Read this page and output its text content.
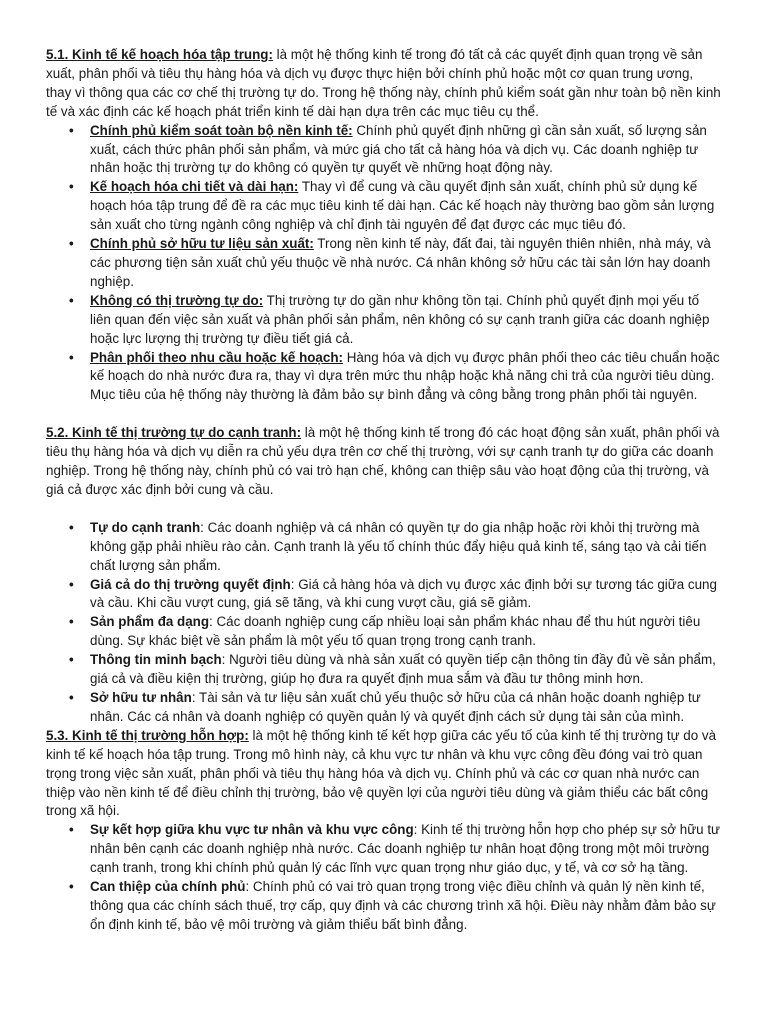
5.1. Kinh tế kế hoạch hóa tập trung: là một hệ thống kinh tế trong đó tất cả các quyết định quan trọng về sản xuất, phân phối và tiêu thụ hàng hóa và dịch vụ được thực hiện bởi chính phủ hoặc một cơ quan trung ương, thay vì thông qua các cơ chế thị trường tự do. Trong hệ thống này, chính phủ kiểm soát gần như toàn bộ nền kinh tế và xác định các kế hoạch phát triển kinh tế dài hạn dựa trên các mục tiêu cụ thể.

• Chính phủ kiểm soát toàn bộ nền kinh tế: Chính phủ quyết định những gì cần sản xuất, số lượng sản xuất, cách thức phân phối sản phẩm, và mức giá cho tất cả hàng hóa và dịch vụ. Các doanh nghiệp tư nhân hoặc thị trường tự do không có quyền tự quyết về những hoạt động này.
• Kế hoạch hóa chi tiết và dài hạn: Thay vì để cung và cầu quyết định sản xuất, chính phủ sử dụng kế hoạch hóa tập trung để đề ra các mục tiêu kinh tế dài hạn. Các kế hoạch này thường bao gồm sản lượng sản xuất cho từng ngành công nghiệp và chỉ định tài nguyên để đạt được các mục tiêu đó.
• Chính phủ sở hữu tư liệu sản xuất: Trong nền kinh tế này, đất đai, tài nguyên thiên nhiên, nhà máy, và các phương tiện sản xuất chủ yếu thuộc về nhà nước. Cá nhân không sở hữu các tài sản lớn hay doanh nghiệp.
• Không có thị trường tự do: Thị trường tự do gần như không tồn tại. Chính phủ quyết định mọi yếu tố liên quan đến việc sản xuất và phân phối sản phẩm, nên không có sự cạnh tranh giữa các doanh nghiệp hoặc lực lượng thị trường tự điều tiết giá cả.
• Phân phối theo nhu cầu hoặc kế hoạch: Hàng hóa và dịch vụ được phân phối theo các tiêu chuẩn hoặc kế hoạch do nhà nước đưa ra, thay vì dựa trên mức thu nhập hoặc khả năng chi trả của người tiêu dùng. Mục tiêu của hệ thống này thường là đảm bảo sự bình đẳng và công bằng trong phân phối tài nguyên.

5.2. Kinh tế thị trường tự do cạnh tranh: là một hệ thống kinh tế trong đó các hoạt động sản xuất, phân phối và tiêu thụ hàng hóa và dịch vụ diễn ra chủ yếu dựa trên cơ chế thị trường, với sự cạnh tranh tự do giữa các doanh nghiệp. Trong hệ thống này, chính phủ có vai trò hạn chế, không can thiệp sâu vào hoạt động của thị trường, và giá cả được xác định bởi cung và cầu.

• Tự do cạnh tranh: Các doanh nghiệp và cá nhân có quyền tự do gia nhập hoặc rời khỏi thị trường mà không gặp phải nhiều rào cản. Cạnh tranh là yếu tố chính thúc đẩy hiệu quả kinh tế, sáng tạo và cải tiến chất lượng sản phẩm.
• Giá cả do thị trường quyết định: Giá cả hàng hóa và dịch vụ được xác định bởi sự tương tác giữa cung và cầu. Khi cầu vượt cung, giá sẽ tăng, và khi cung vượt cầu, giá sẽ giảm.
• Sản phẩm đa dạng: Các doanh nghiệp cung cấp nhiều loại sản phẩm khác nhau để thu hút người tiêu dùng. Sự khác biệt về sản phẩm là một yếu tố quan trọng trong cạnh tranh.
• Thông tin minh bạch: Người tiêu dùng và nhà sản xuất có quyền tiếp cận thông tin đầy đủ về sản phẩm, giá cả và điều kiện thị trường, giúp họ đưa ra quyết định mua sắm và đầu tư thông minh hơn.
• Sở hữu tư nhân: Tài sản và tư liệu sản xuất chủ yếu thuộc sở hữu của cá nhân hoặc doanh nghiệp tư nhân. Các cá nhân và doanh nghiệp có quyền quản lý và quyết định cách sử dụng tài sản của mình.

5.3. Kinh tế thị trường hỗn hợp: là một hệ thống kinh tế kết hợp giữa các yếu tố của kinh tế thị trường tự do và kinh tế kế hoạch hóa tập trung. Trong mô hình này, cả khu vực tư nhân và khu vực công đều đóng vai trò quan trọng trong việc sản xuất, phân phối và tiêu thụ hàng hóa và dịch vụ. Chính phủ và các cơ quan nhà nước can thiệp vào nền kinh tế để điều chỉnh thị trường, bảo vệ quyền lợi của người tiêu dùng và giảm thiểu các bất công trong xã hội.

• Sự kết hợp giữa khu vực tư nhân và khu vực công: Kinh tế thị trường hỗn hợp cho phép sự sở hữu tư nhân bên cạnh các doanh nghiệp nhà nước. Các doanh nghiệp tư nhân hoạt động trong một môi trường cạnh tranh, trong khi chính phủ quản lý các lĩnh vực quan trọng như giáo dục, y tế, và cơ sở hạ tầng.
• Can thiệp của chính phủ: Chính phủ có vai trò quan trọng trong việc điều chỉnh và quản lý nền kinh tế, thông qua các chính sách thuế, trợ cấp, quy định và các chương trình xã hội. Điều này nhằm đảm bảo sự ổn định kinh tế, bảo vệ môi trường và giảm thiểu bất bình đẳng.
